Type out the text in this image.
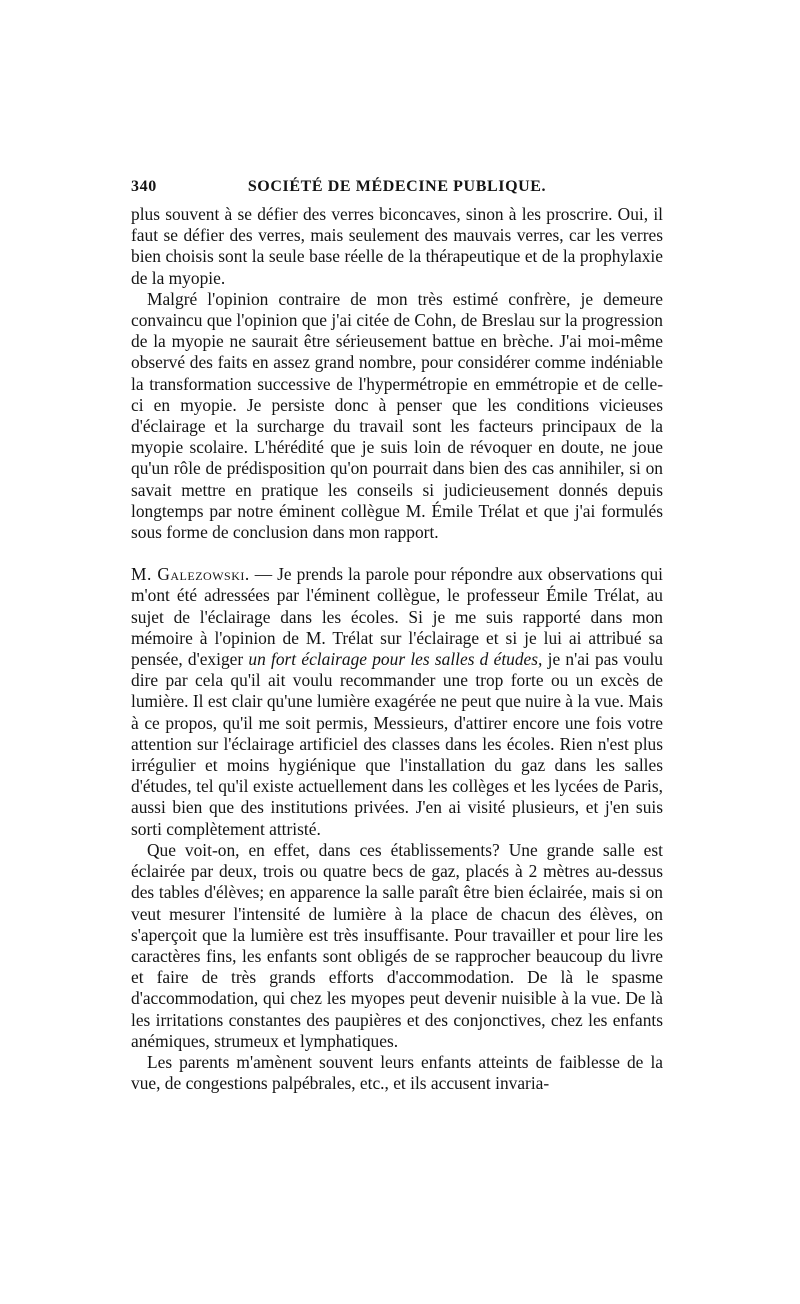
340	SOCIÉTÉ DE MÉDECINE PUBLIQUE.

plus souvent à se défier des verres biconcaves, sinon à les proscrire. Oui, il faut se défier des verres, mais seulement des mauvais verres, car les verres bien choisis sont la seule base réelle de la thérapeutique et de la prophylaxie de la myopie.

Malgré l'opinion contraire de mon très estimé confrère, je demeure convaincu que l'opinion que j'ai citée de Cohn, de Breslau sur la progression de la myopie ne saurait être sérieusement battue en brèche. J'ai moi-même observé des faits en assez grand nombre, pour considérer comme indéniable la transformation successive de l'hypermétropie en emmétropie et de celle-ci en myopie. Je persiste donc à penser que les conditions vicieuses d'éclairage et la surcharge du travail sont les facteurs principaux de la myopie scolaire. L'hérédité que je suis loin de révoquer en doute, ne joue qu'un rôle de prédisposition qu'on pourrait dans bien des cas annihiler, si on savait mettre en pratique les conseils si judicieusement donnés depuis longtemps par notre éminent collègue M. Émile Trélat et que j'ai formulés sous forme de conclusion dans mon rapport.

M. Galezowski. — Je prends la parole pour répondre aux observations qui m'ont été adressées par l'éminent collègue, le professeur Émile Trélat, au sujet de l'éclairage dans les écoles. Si je me suis rapporté dans mon mémoire à l'opinion de M. Trélat sur l'éclairage et si je lui ai attribué sa pensée, d'exiger un fort éclairage pour les salles d études, je n'ai pas voulu dire par cela qu'il ait voulu recommander une trop forte ou un excès de lumière. Il est clair qu'une lumière exagérée ne peut que nuire à la vue. Mais à ce propos, qu'il me soit permis, Messieurs, d'attirer encore une fois votre attention sur l'éclairage artificiel des classes dans les écoles. Rien n'est plus irrégulier et moins hygiénique que l'installation du gaz dans les salles d'études, tel qu'il existe actuellement dans les collèges et les lycées de Paris, aussi bien que des institutions privées. J'en ai visité plusieurs, et j'en suis sorti complètement attristé.

Que voit-on, en effet, dans ces établissements? Une grande salle est éclairée par deux, trois ou quatre becs de gaz, placés à 2 mètres au-dessus des tables d'élèves; en apparence la salle paraît être bien éclairée, mais si on veut mesurer l'intensité de lumière à la place de chacun des élèves, on s'aperçoit que la lumière est très insuffisante. Pour travailler et pour lire les caractères fins, les enfants sont obligés de se rapprocher beaucoup du livre et faire de très grands efforts d'accommodation. De là le spasme d'accommodation, qui chez les myopes peut devenir nuisible à la vue. De là les irritations constantes des paupières et des conjonctives, chez les enfants anémiques, strumeux et lymphatiques.

Les parents m'amènent souvent leurs enfants atteints de faiblesse de la vue, de congestions palpébrales, etc., et ils accusent invaria-
